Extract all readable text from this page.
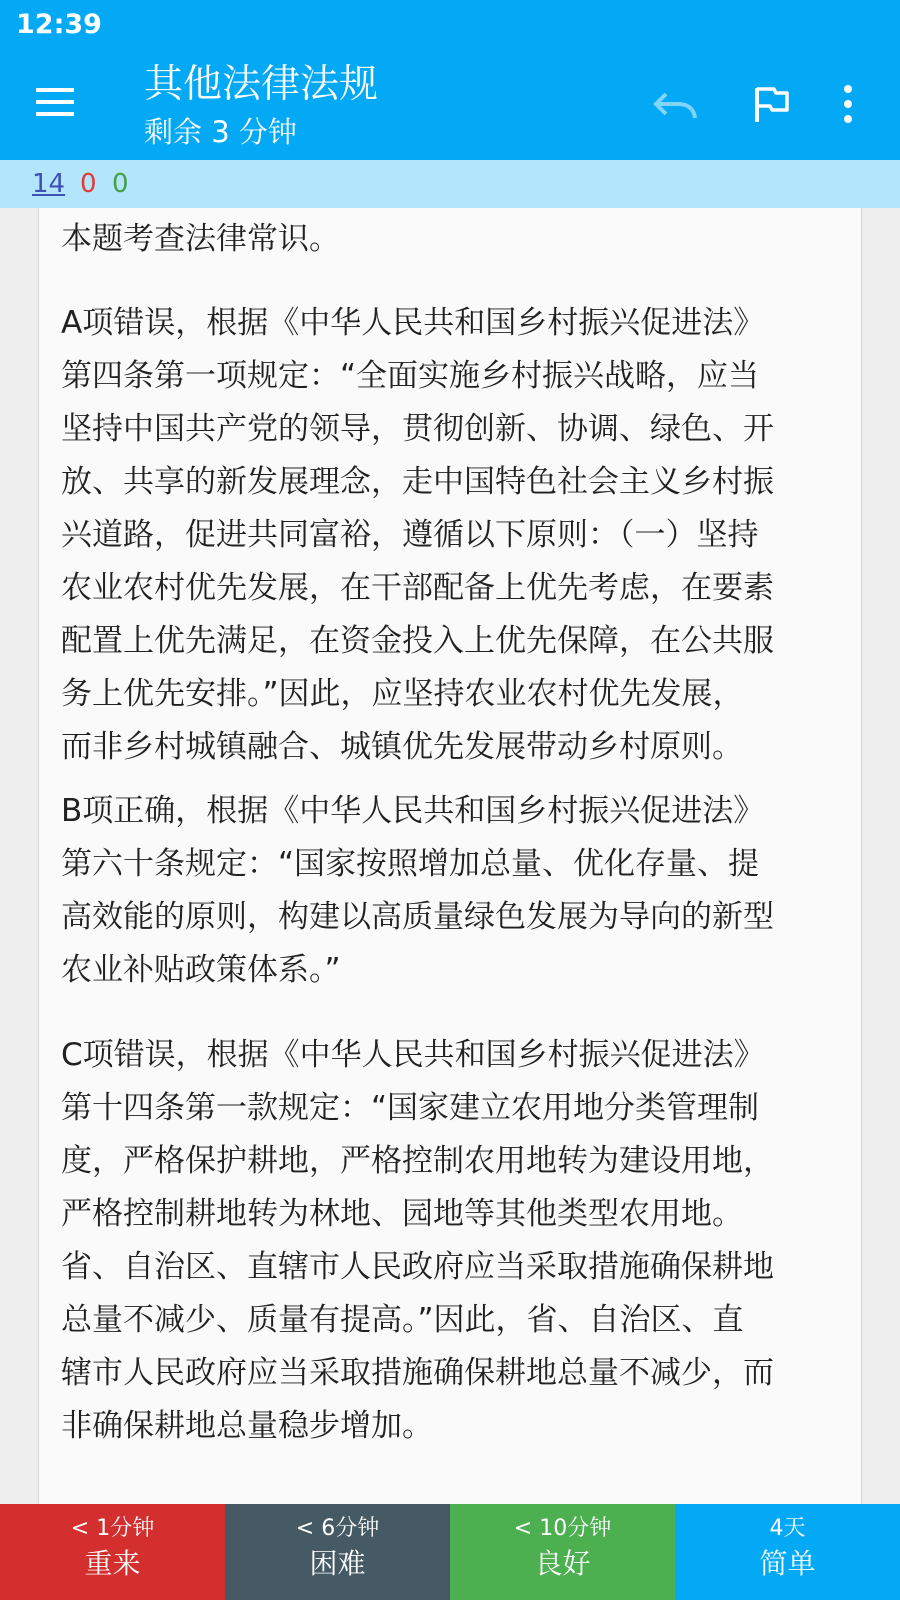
12:39
其他法律法规
剩余 3 分钟
14 0 0

本题考查法律常识。

A项错误，根据《中华人民共和国乡村振兴促进法》
第四条第一项规定：“全面实施乡村振兴战略，应当
坚持中国共产党的领导，贯彻创新、协调、绿色、开
放、共享的新发展理念，走中国特色社会主义乡村振
兴道路，促进共同富裕，遵循以下原则：（一）坚持
农业农村优先发展，在干部配备上优先考虑，在要素
配置上优先满足，在资金投入上优先保障，在公共服
务上优先安排。”因此，应坚持农业农村优先发展，
而非乡村城镇融合、城镇优先发展带动乡村原则。

B项正确，根据《中华人民共和国乡村振兴促进法》
第六十条规定：“国家按照增加总量、优化存量、提
高效能的原则，构建以高质量绿色发展为导向的新型
农业补贴政策体系。”

C项错误，根据《中华人民共和国乡村振兴促进法》
第十四条第一款规定：“国家建立农用地分类管理制
度，严格保护耕地，严格控制农用地转为建设用地，
严格控制耕地转为林地、园地等其他类型农用地。
省、自治区、直辖市人民政府应当采取措施确保耕地
总量不减少、质量有提高。”因此，省、自治区、直
辖市人民政府应当采取措施确保耕地总量不减少，而
非确保耕地总量稳步增加。

< 1分钟
重来
< 6分钟
困难
< 10分钟
良好
4天
简单
